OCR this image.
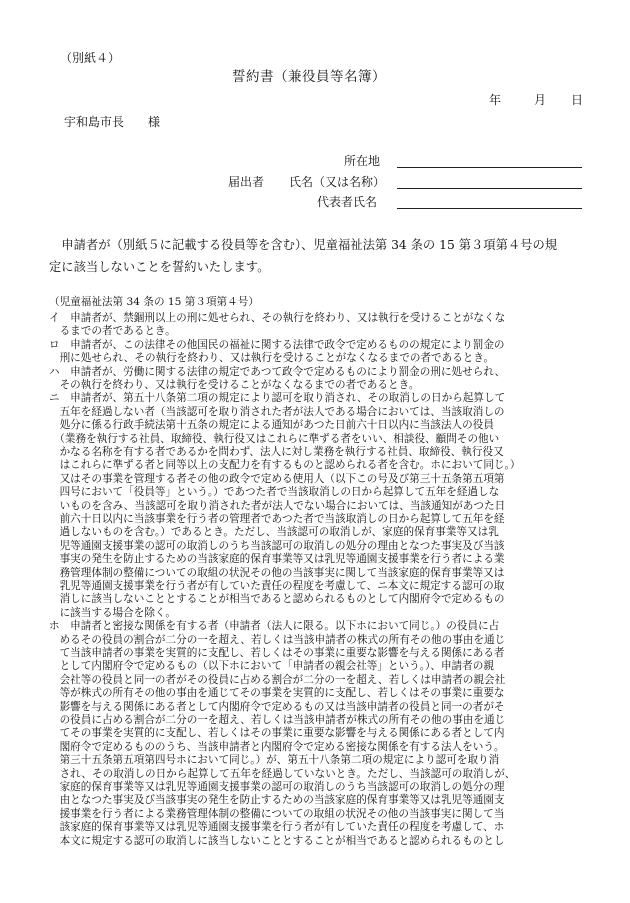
（別紙４）
誓約書（兼役員等名簿）
年	月 日
宇和島市長　　様
所在地
届出者 氏名（又は名称）
代表者氏名
　申請者が（別紙５に記載する役員等を含む）、児童福祉法第 34 条の 15 第３項第４号の規
定に該当しないことを誓約いたします。
（児童福祉法第 34 条の 15 第３項第４号）
イ　申請者が、禁錮刑以上の刑に処せられ、その執行を終わり、又は執行を受けることがなくな
　るまでの者であるとき。
ロ　申請者が、この法律その他国民の福祉に関する法律で政令で定めるものの規定により罰金の
　刑に処せられ、その執行を終わり、又は執行を受けることがなくなるまでの者であるとき。
ハ　申請者が、労働に関する法律の規定であつて政令で定めるものにより罰金の刑に処せられ、
　その執行を終わり、又は執行を受けることがなくなるまでの者であるとき。
ニ　申請者が、第五十八条第二項の規定により認可を取り消され、その取消しの日から起算して
　五年を経過しない者（当該認可を取り消された者が法人である場合においては、当該取消しの
　処分に係る行政手続法第十五条の規定による通知があつた日前六十日以内に当該法人の役員
　（業務を執行する社員、取締役、執行役又はこれらに準ずる者をいい、相談役、顧問その他い
　かなる名称を有する者であるかを問わず、法人に対し業務を執行する社員、取締役、執行役又
　はこれらに準ずる者と同等以上の支配力を有するものと認められる者を含む。ホにおいて同じ。）
　又はその事業を管理する者その他の政令で定める使用人（以下この号及び第三十五条第五項第
　四号において「役員等」という。）であつた者で当該取消しの日から起算して五年を経過しな
　いものを含み、当該認可を取り消された者が法人でない場合においては、当該通知があつた日
　前六十日以内に当該事業を行う者の管理者であつた者で当該取消しの日から起算して五年を経
　過しないものを含む。）であるとき。ただし、当該認可の取消しが、家庭的保育事業等又は乳
　児等通園支援事業の認可の取消しのうち当該認可の取消しの処分の理由となつた事実及び当該
　事実の発生を防止するための当該家庭的保育事業等又は乳児等通園支援事業を行う者による業
　務管理体制の整備についての取組の状況その他の当該事実に関して当該家庭的保育事業等又は
　乳児等通園支援事業を行う者が有していた責任の程度を考慮して、ニ本文に規定する認可の取
　消しに該当しないこととすることが相当であると認められるものとして内閣府令で定めるもの
　に該当する場合を除く。
ホ　申請者と密接な関係を有する者（申請者（法人に限る。以下ホにおいて同じ。）の役員に占
　めるその役員の割合が二分の一を超え、若しくは当該申請者の株式の所有その他の事由を通じ
　て当該申請者の事業を実質的に支配し、若しくはその事業に重要な影響を与える関係にある者
　として内閣府令で定めるもの（以下ホにおいて「申請者の親会社等」という。）、申請者の親
　会社等の役員と同一の者がその役員に占める割合が二分の一を超え、若しくは申請者の親会社
　等が株式の所有その他の事由を通じてその事業を実質的に支配し、若しくはその事業に重要な
　影響を与える関係にある者として内閣府令で定めるもの又は当該申請者の役員と同一の者がそ
　の役員に占める割合が二分の一を超え、若しくは当該申請者が株式の所有その他の事由を通じ
　てその事業を実質的に支配し、若しくはその事業に重要な影響を与える関係にある者として内
　閣府令で定めるもののうち、当該申請者と内閣府令で定める密接な関係を有する法人をいう。
　第三十五条第五項第四号ホにおいて同じ。）が、第五十八条第二項の規定により認可を取り消
　され、その取消しの日から起算して五年を経過していないとき。ただし、当該認可の取消しが、
　家庭的保育事業等又は乳児等通園支援事業の認可の取消しのうち当該認可の取消しの処分の理
　由となつた事実及び当該事実の発生を防止するための当該家庭的保育事業等又は乳児等通園支
　援事業を行う者による業務管理体制の整備についての取組の状況その他の当該事実に関して当
　該家庭的保育事業等又は乳児等通園支援事業を行う者が有していた責任の程度を考慮して、ホ
　本文に規定する認可の取消しに該当しないこととすることが相当であると認められるものとし
